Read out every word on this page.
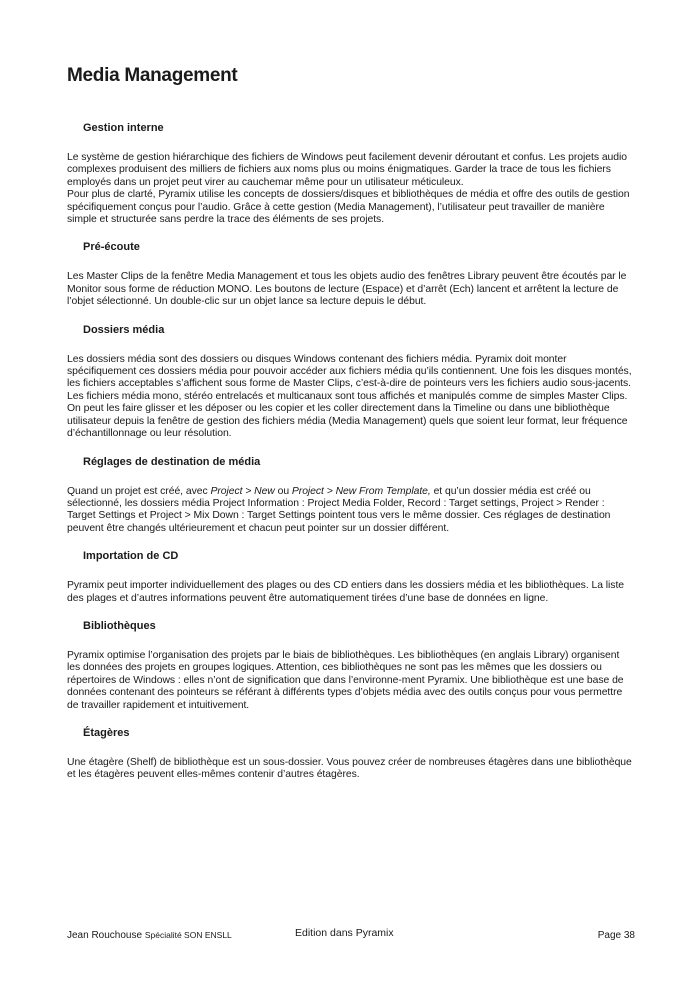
Media Management
Gestion interne

Le système de gestion hiérarchique des fichiers de Windows peut facilement devenir déroutant et confus. Les projets audio complexes produisent des milliers de fichiers aux noms plus ou moins énigmatiques. Garder la trace de tous les fichiers employés dans un projet peut virer au cauchemar même pour un utilisateur méticuleux.

Pour plus de clarté, Pyramix utilise les concepts de dossiers/disques et bibliothèques de média et offre des outils de gestion spécifiquement conçus pour l’audio. Grâce à cette gestion (Media Management), l’utilisateur peut travailler de manière simple et structurée sans perdre la trace des éléments de ses projets.

Pré-écoute

Les Master Clips de la fenêtre Media Management et tous les objets audio des fenêtres Library peuvent être écoutés par le Monitor sous forme de réduction MONO. Les boutons de lecture (Espace) et d’arrêt (Ech) lancent et arrêtent la lecture de l’objet sélectionné. Un double-clic sur un objet lance sa lecture depuis le début.

Dossiers média

Les dossiers média sont des dossiers ou disques Windows contenant des fichiers média. Pyramix doit monter spécifiquement ces dossiers média pour pouvoir accéder aux fichiers média qu’ils contiennent. Une fois les disques montés, les fichiers acceptables s’affichent sous forme de Master Clips, c’est-à-dire de pointeurs vers les fichiers audio sous-jacents. Les fichiers média mono, stéréo entrelacés et multicanaux sont tous affichés et manipulés comme de simples Master Clips.

On peut les faire glisser et les déposer ou les copier et les coller directement dans la Timeline ou dans une bibliothèque utilisateur depuis la fenêtre de gestion des fichiers média (Media Management) quels que soient leur format, leur fréquence d’échantillonnage ou leur résolution.

Réglages de destination de média

Quand un projet est créé, avec Project > New ou Project > New From Template, et qu’un dossier média est créé ou sélectionné, les dossiers média Project Information : Project Media Folder, Record : Target settings, Project > Render : Target Settings et Project > Mix Down : Target Settings pointent tous vers le même dossier. Ces réglages de destination peuvent être changés ultérieurement et chacun peut pointer sur un dossier différent.

Importation de CD

Pyramix peut importer individuellement des plages ou des CD entiers dans les dossiers média et les bibliothèques. La liste des plages et d’autres informations peuvent être automatiquement tirées d’une base de données en ligne.

Bibliothèques

Pyramix optimise l’organisation des projets par le biais de bibliothèques. Les bibliothèques (en anglais Library) organisent les données des projets en groupes logiques. Attention, ces bibliothèques ne sont pas les mêmes que les dossiers ou répertoires de Windows : elles n’ont de signification que dans l’environne-ment Pyramix. Une bibliothèque est une base de données contenant des pointeurs se référant à différents types d’objets média avec des outils conçus pour vous permettre de travailler rapidement et intuitivement.

Étagères

Une étagère (Shelf) de bibliothèque est un sous-dossier. Vous pouvez créer de nombreuses étagères dans une bibliothèque et les étagères peuvent elles-mêmes contenir d’autres étagères.

Jean Rouchouse Spécialité SON ENSLL	Edition dans Pyramix	Page 38
